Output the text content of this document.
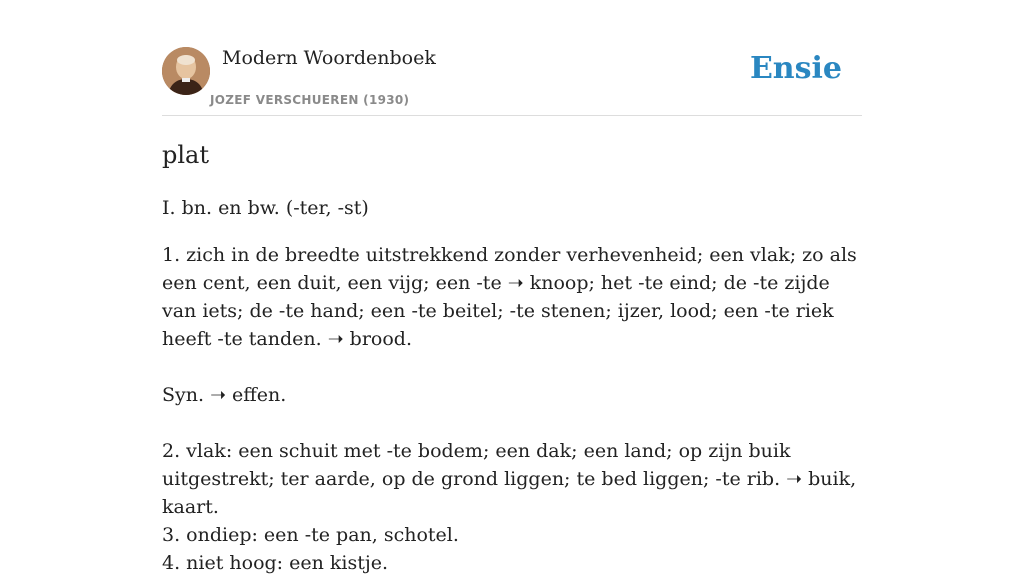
Modern Woordenboek
JOZEF VERSCHUEREN (1930)
Ensie
plat

I. bn. en bw. (-ter, -st)

1. zich in de breedte uitstrekkend zonder verhevenheid; een vlak; zo als een cent, een duit, een vijg; een -te ➝ knoop; het -te eind; de -te zijde van iets; de -te hand; een -te beitel; -te stenen; ijzer, lood; een -te riek heeft -te tanden. ➝ brood.

Syn. ➝ effen.

2. vlak: een schuit met -te bodem; een dak; een land; op zijn buik uitgestrekt; ter aarde, op de grond liggen; te bed liggen; -te rib. ➝ buik, kaart.

3. ondiep: een -te pan, schotel.

4. niet hoog: een kistje.
